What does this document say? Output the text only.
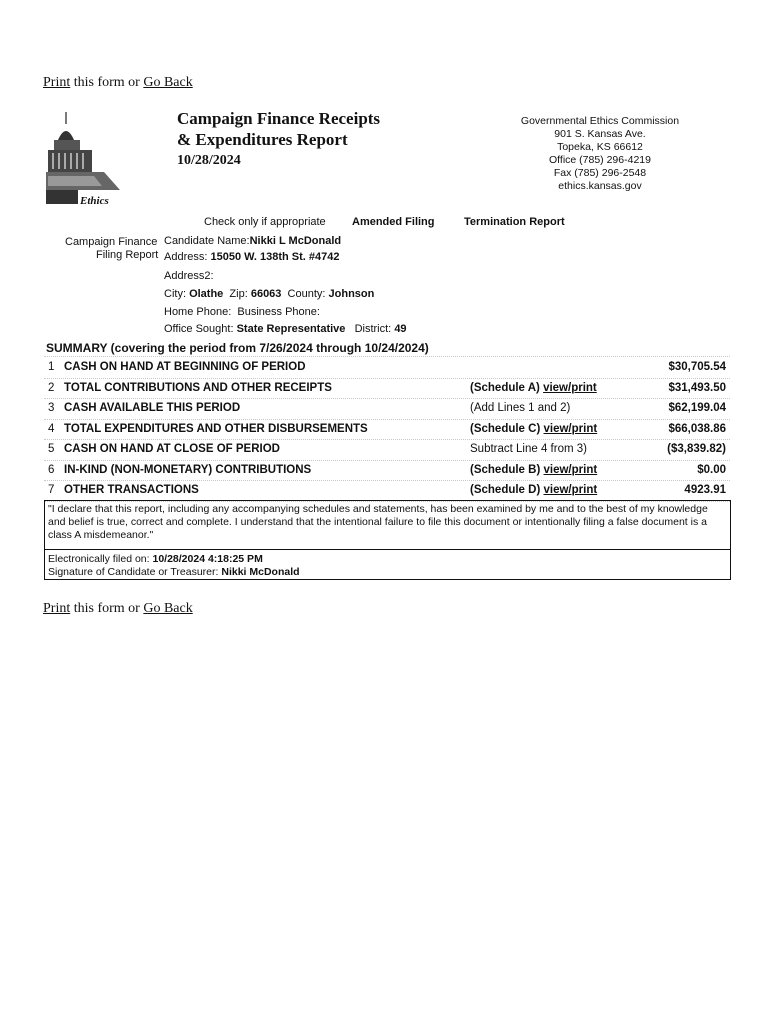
Print this form or Go Back
Ethics
Campaign Finance Receipts
& Expenditures Report
10/28/2024
Governmental Ethics Commission
901 S. Kansas Ave.
Topeka, KS 66612
Office (785) 296-4219
Fax (785) 296-2548
ethics.kansas.gov
Check only if appropriate Amended Filing	Termination Report
Campaign Finance
Filing Report
Candidate Name:Nikki L McDonald
Address: 15050 W. 138th St. #4742
Address2:
City: Olathe Zip: 66063 County: Johnson
Home Phone: Business Phone:
Office Sought: State Representative District: 49
SUMMARY (covering the period from 7/26/2024 through 10/24/2024)
1 CASH ON HAND AT BEGINNING OF PERIOD	$30,705.54
2 TOTAL CONTRIBUTIONS AND OTHER RECEIPTS	(Schedule A) view/print	$31,493.50
3 CASH AVAILABLE THIS PERIOD	(Add Lines 1 and 2)	$62,199.04
4 TOTAL EXPENDITURES AND OTHER DISBURSEMENTS	(Schedule C) view/print	$66,038.86
5 CASH ON HAND AT CLOSE OF PERIOD	Subtract Line 4 from 3)	($3,839.82)
6 IN-KIND (NON-MONETARY) CONTRIBUTIONS	(Schedule B) view/print	$0.00
7 OTHER TRANSACTIONS	(Schedule D) view/print	4923.91
"I declare that this report, including any accompanying schedules and statements, has been examined by me and to the best of my knowledge and belief is true, correct and complete. I understand that the intentional failure to file this document or intentionally filing a false document is a class A misdemeanor."
Electronically filed on: 10/28/2024 4:18:25 PM
Signature of Candidate or Treasurer: Nikki McDonald
Print this form or Go Back
